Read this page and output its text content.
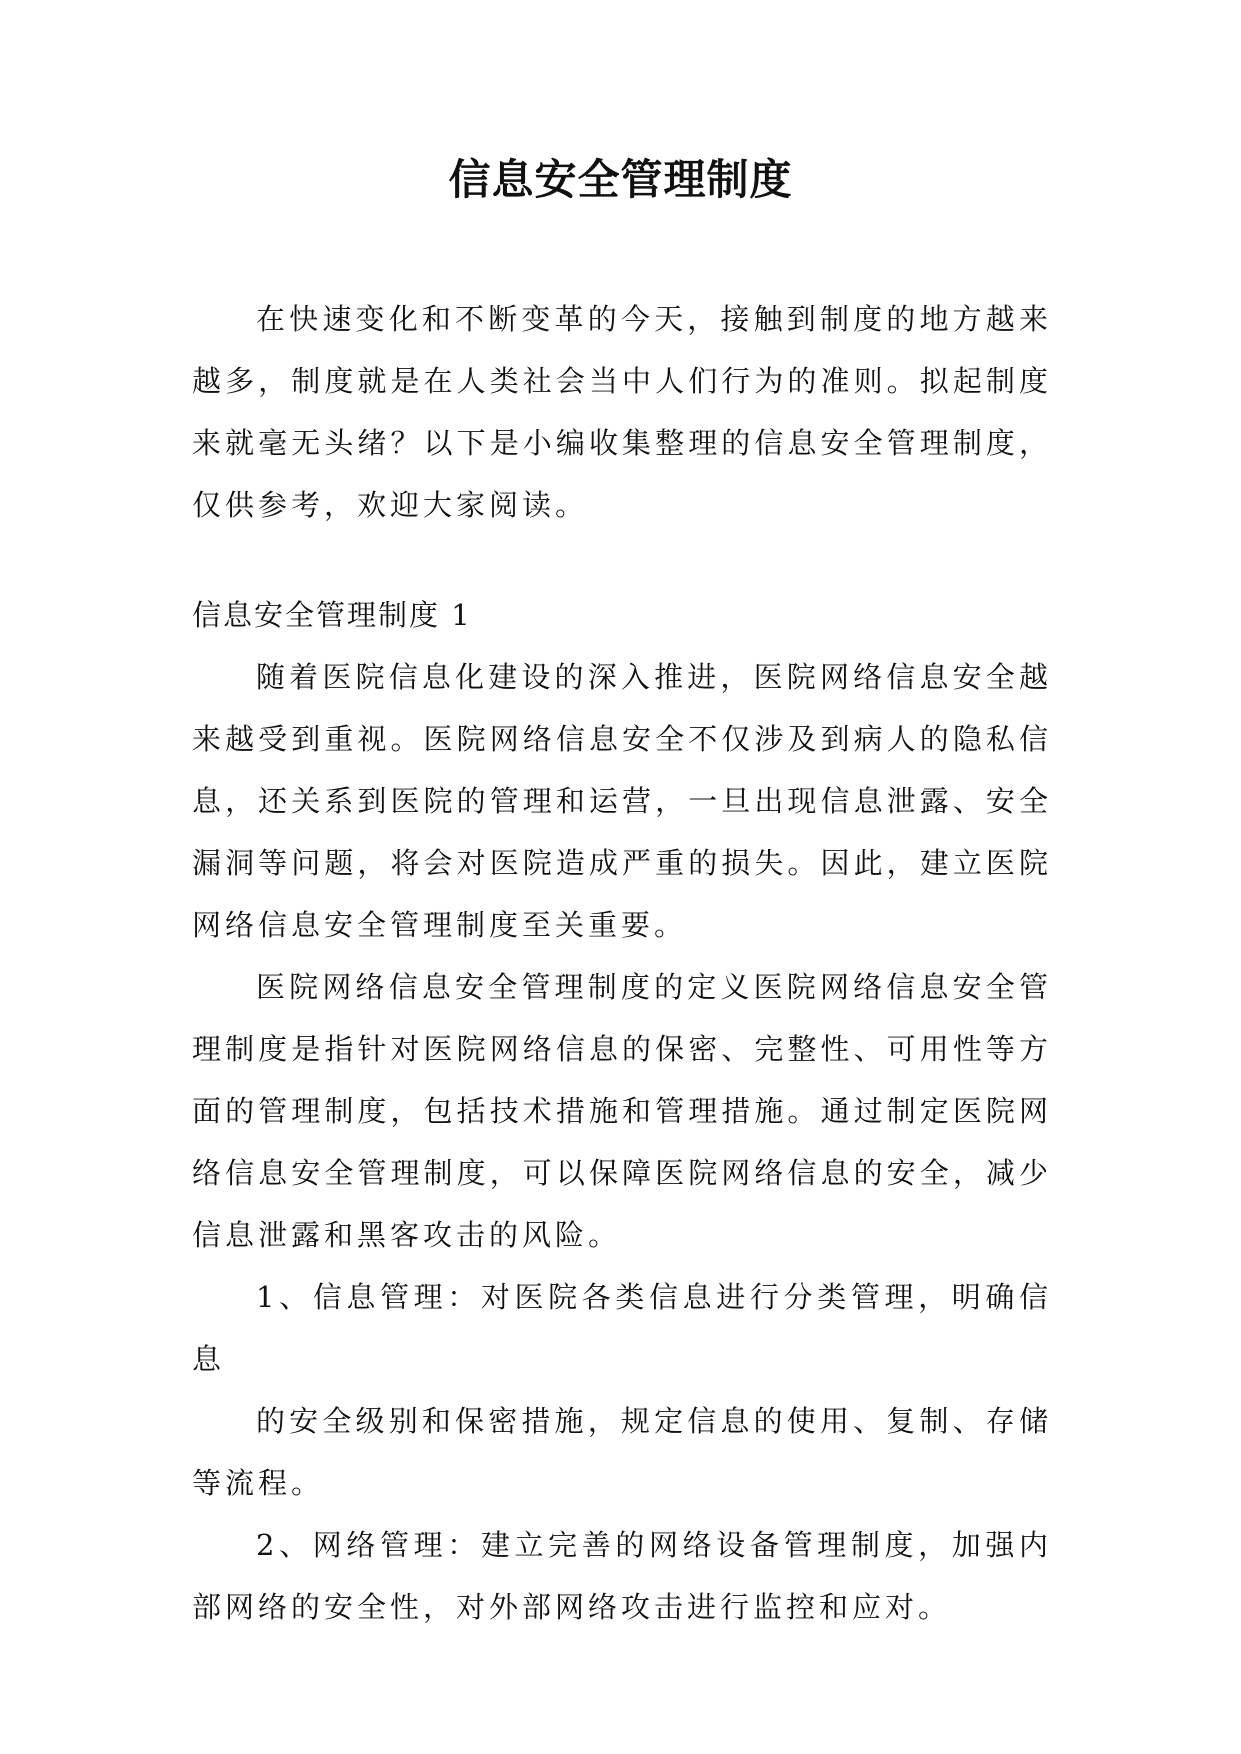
信息安全管理制度

在快速变化和不断变革的今天，接触到制度的地方越来越多，制度就是在人类社会当中人们行为的准则。拟起制度来就毫无头绪？以下是小编收集整理的信息安全管理制度，仅供参考，欢迎大家阅读。

信息安全管理制度 1

随着医院信息化建设的深入推进，医院网络信息安全越来越受到重视。医院网络信息安全不仅涉及到病人的隐私信息，还关系到医院的管理和运营，一旦出现信息泄露、安全漏洞等问题，将会对医院造成严重的损失。因此，建立医院网络信息安全管理制度至关重要。

医院网络信息安全管理制度的定义医院网络信息安全管理制度是指针对医院网络信息的保密、完整性、可用性等方面的管理制度，包括技术措施和管理措施。通过制定医院网络信息安全管理制度，可以保障医院网络信息的安全，减少信息泄露和黑客攻击的风险。

1、信息管理：对医院各类信息进行分类管理，明确信息

的安全级别和保密措施，规定信息的使用、复制、存储等流程。

2、网络管理：建立完善的网络设备管理制度，加强内部网络的安全性，对外部网络攻击进行监控和应对。
